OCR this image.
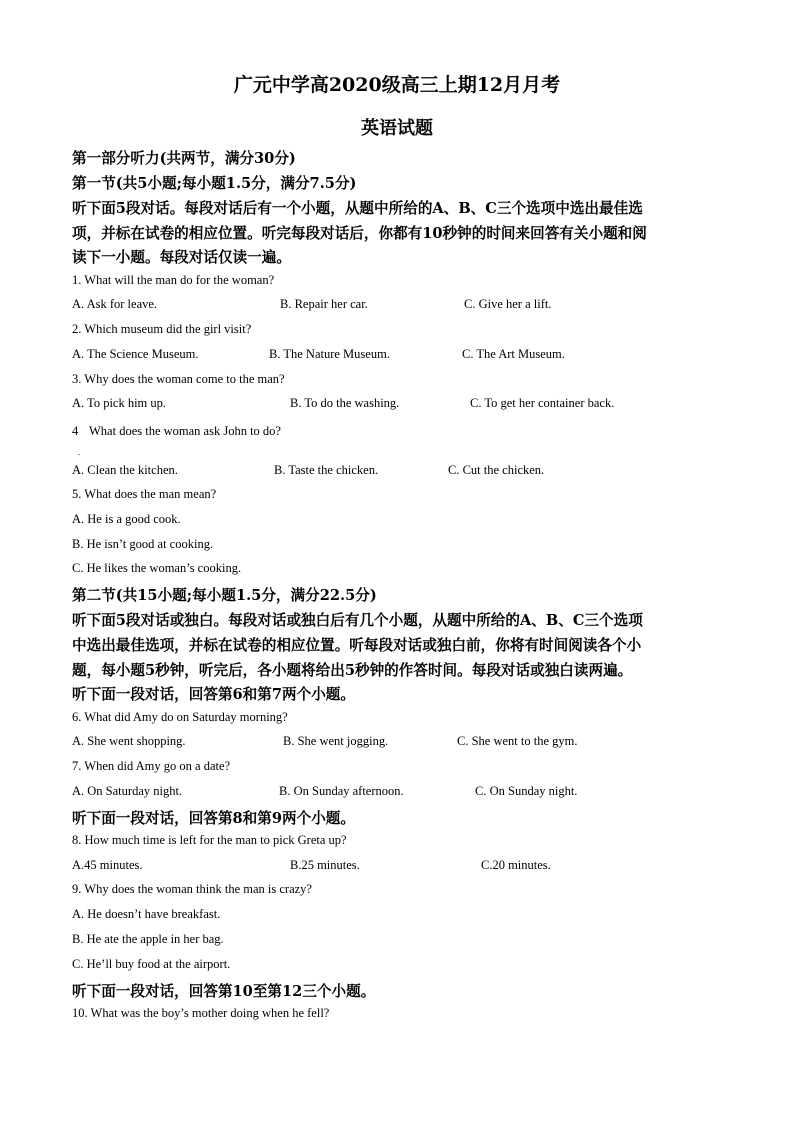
广元中学高2020级高三上期12月月考
英语试题
第一部分听力(共两节，满分30分)
第一节(共5小题;每小题1.5分，满分7.5分)
听下面5段对话。每段对话后有一个小题，从题中所给的A、B、C三个选项中选出最佳选
项，并标在试卷的相应位置。听完每段对话后，你都有10秒钟的时间来回答有关小题和阅
读下一小题。每段对话仅读一遍。
1. What will the man do for the woman?
A. Ask for leave.	B. Repair her car.	C. Give her a lift.
2. Which museum did the girl visit?
A. The Science Museum.	B. The Nature Museum.	C. The Art Museum.
3. Why does the woman come to the man?
A. To pick him up.	B. To do the washing.	C. To get her container back.
4 What does the woman ask John to do?
.
A. Clean the kitchen.	B. Taste the chicken.	C. Cut the chicken.
5. What does the man mean?
A. He is a good cook.
B. He isn’t good at cooking.
C. He likes the woman’s cooking.
第二节(共15小题;每小题1.5分，满分22.5分)
听下面5段对话或独白。每段对话或独白后有几个小题，从题中所给的A、B、C三个选项
中选出最佳选项，并标在试卷的相应位置。听每段对话或独白前，你将有时间阅读各个小
题，每小题5秒钟，听完后，各小题将给出5秒钟的作答时间。每段对话或独白读两遍。
听下面一段对话，回答第6和第7两个小题。
6. What did Amy do on Saturday morning?
A. She went shopping.	B. She went jogging.	C. She went to the gym.
7. When did Amy go on a date?
A. On Saturday night.	B. On Sunday afternoon.	C. On Sunday night.
听下面一段对话，回答第8和第9两个小题。
8. How much time is left for the man to pick Greta up?
A.45 minutes.	B.25 minutes.	C.20 minutes.
9. Why does the woman think the man is crazy?
A. He doesn’t have breakfast.
B. He ate the apple in her bag.
C. He’ll buy food at the airport.
听下面一段对话，回答第10至第12三个小题。
10. What was the boy’s mother doing when he fell?
